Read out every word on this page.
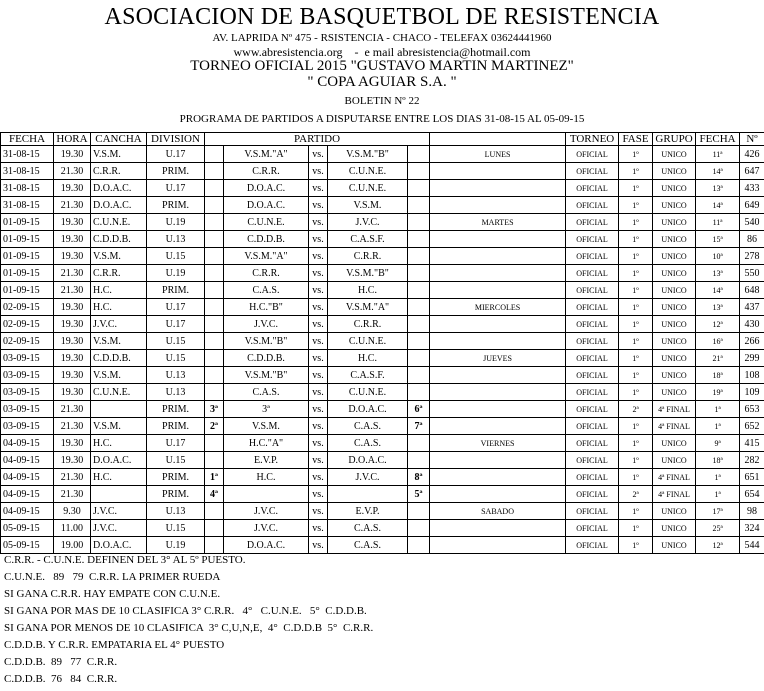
ASOCIACION DE BASQUETBOL DE RESISTENCIA
AV. LAPRIDA Nº 475 - RSISTENCIA - CHACO - TELEFAX 03624441960
www.abresistencia.org    -  e mail abresistencia@hotmail.com
TORNEO OFICIAL 2015 "GUSTAVO MARTIN MARTINEZ"
" COPA AGUIAR S.A. "
BOLETIN Nº 22
PROGRAMA DE PARTIDOS A DISPUTARSE ENTRE LOS DIAS 31-08-15 AL 05-09-15
FECHA	HORA	CANCHA	DIVISION	PARTIDO						TORNEO	FASE	GRUPO	FECHA	Nº
31-08-15	19.30	V.S.M.	U.17		V.S.M."A"	vs.	V.S.M."B"		LUNES	OFICIAL	1º	UNICO	11ª	426
31-08-15	21.30	C.R.R.	PRIM.		C.R.R.	vs.	C.U.N.E.			OFICIAL	1º	UNICO	14ª	647
31-08-15	19.30	D.O.A.C.	U.17		D.O.A.C.	vs.	C.U.N.E.			OFICIAL	1º	UNICO	13ª	433
31-08-15	21.30	D.O.A.C.	PRIM.		D.O.A.C.	vs.	V.S.M.			OFICIAL	1º	UNICO	14ª	649
01-09-15	19.30	C.U.N.E.	U.19		C.U.N.E.	vs.	J.V.C.		MARTES	OFICIAL	1º	UNICO	11ª	540
01-09-15	19.30	C.D.D.B.	U.13		C.D.D.B.	vs.	C.A.S.F.			OFICIAL	1º	UNICO	15ª	86
01-09-15	19.30	V.S.M.	U.15		V.S.M."A"	vs.	C.R.R.			OFICIAL	1º	UNICO	10ª	278
01-09-15	21.30	C.R.R.	U.19		C.R.R.	vs.	V.S.M."B"			OFICIAL	1º	UNICO	13ª	550
01-09-15	21.30	H.C.	PRIM.		C.A.S.	vs.	H.C.			OFICIAL	1º	UNICO	14ª	648
02-09-15	19.30	H.C.	U.17		H.C."B"	vs.	V.S.M."A"		MIERCOLES	OFICIAL	1º	UNICO	13ª	437
02-09-15	19.30	J.V.C.	U.17		J.V.C.	vs.	C.R.R.			OFICIAL	1º	UNICO	12ª	430
02-09-15	19.30	V.S.M.	U.15		V.S.M."B"	vs.	C.U.N.E.			OFICIAL	1º	UNICO	16ª	266
03-09-15	19.30	C.D.D.B.	U.15		C.D.D.B.	vs.	H.C.		JUEVES	OFICIAL	1º	UNICO	21ª	299
03-09-15	19.30	V.S.M.	U.13		V.S.M."B"	vs.	C.A.S.F.			OFICIAL	1º	UNICO	18ª	108
03-09-15	19.30	C.U.N.E.	U.13		C.A.S.	vs.	C.U.N.E.			OFICIAL	1º	UNICO	19ª	109
03-09-15	21.30		PRIM.	3ª	3ª	vs.	D.O.A.C.	6ª		OFICIAL	2ª	4ª FINAL	1ª	653
03-09-15	21.30	V.S.M.	PRIM.	2ª	V.S.M.	vs.	C.A.S.	7ª		OFICIAL	1º	4ª FINAL	1ª	652
04-09-15	19.30	H.C.	U.17		H.C."A"	vs.	C.A.S.		VIERNES	OFICIAL	1º	UNICO	9ª	415
04-09-15	19.30	D.O.A.C.	U.15		E.V.P.	vs.	D.O.A.C.			OFICIAL	1º	UNICO	18ª	282
04-09-15	21.30	H.C.	PRIM.	1ª	H.C.	vs.	J.V.C.	8ª		OFICIAL	1º	4ª FINAL	1ª	651
04-09-15	21.30		PRIM.	4ª		vs.		5ª		OFICIAL	2ª	4ª FINAL	1ª	654
04-09-15	9.30	J.V.C.	U.13		J.V.C.	vs.	E.V.P.		SABADO	OFICIAL	1º	UNICO	17ª	98
05-09-15	11.00	J.V.C.	U.15		J.V.C.	vs.	C.A.S.			OFICIAL	1º	UNICO	25ª	324
05-09-15	19.00	D.O.A.C.	U.19		D.O.A.C.	vs.	C.A.S.			OFICIAL	1º	UNICO	12ª	544
C.R.R. - C.U.N.E. DEFINEN DEL 3° AL 5º PUESTO.
C.U.N.E.   89   79  C.R.R. LA PRIMER RUEDA
SI GANA C.R.R. HAY EMPATE CON C.U.N.E.
SI GANA POR MAS DE 10 CLASIFICA 3° C.R.R.   4°   C.U.N.E.   5°  C.D.D.B.
SI GANA POR MENOS DE 10 CLASIFICA  3° C,U,N,E,  4°  C.D.D.B  5°  C.R.R.
C.D.D.B. Y C.R.R. EMPATARIA EL 4° PUESTO
C.D.D.B.  89   77  C.R.R.
C.D.D.B.  76   84  C.R.R.
